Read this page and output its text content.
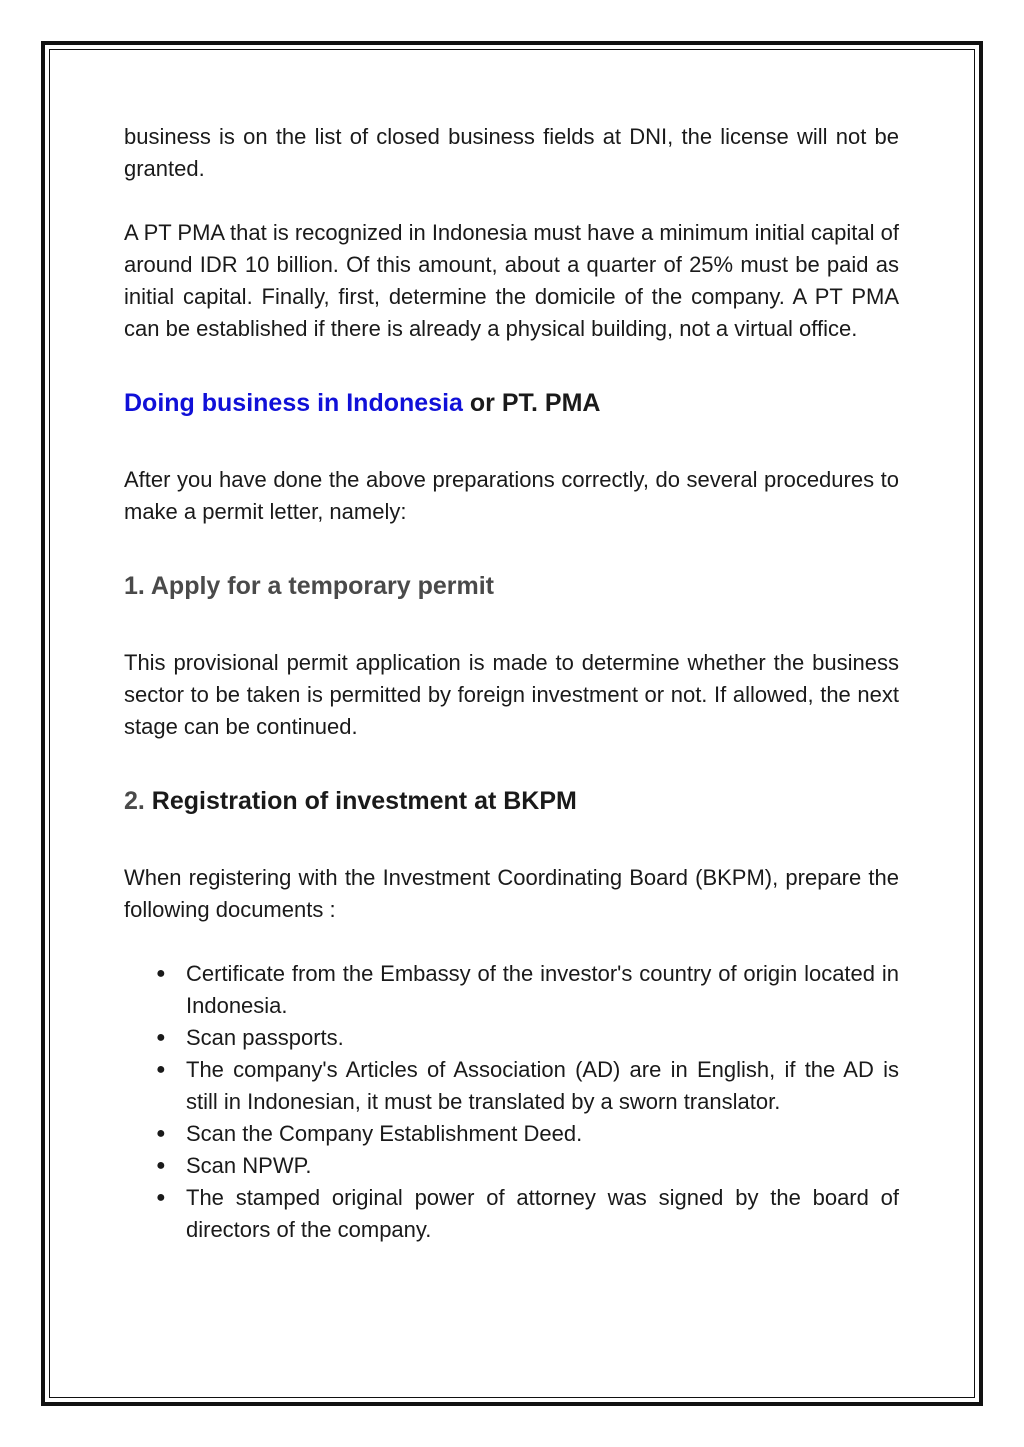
business is on the list of closed business fields at DNI, the license will not be granted.

A PT PMA that is recognized in Indonesia must have a minimum initial capital of around IDR 10 billion. Of this amount, about a quarter of 25% must be paid as initial capital. Finally, first, determine the domicile of the company. A PT PMA can be established if there is already a physical building, not a virtual office.

Doing business in Indonesia or PT. PMA

After you have done the above preparations correctly, do several procedures to make a permit letter, namely:

1. Apply for a temporary permit

This provisional permit application is made to determine whether the business sector to be taken is permitted by foreign investment or not. If allowed, the next stage can be continued.

2. Registration of investment at BKPM

When registering with the Investment Coordinating Board (BKPM), prepare the following documents :

● Certificate from the Embassy of the investor's country of origin located in Indonesia.
● Scan passports.
● The company's Articles of Association (AD) are in English, if the AD is still in Indonesian, it must be translated by a sworn translator.
● Scan the Company Establishment Deed.
● Scan NPWP.
● The stamped original power of attorney was signed by the board of directors of the company.
